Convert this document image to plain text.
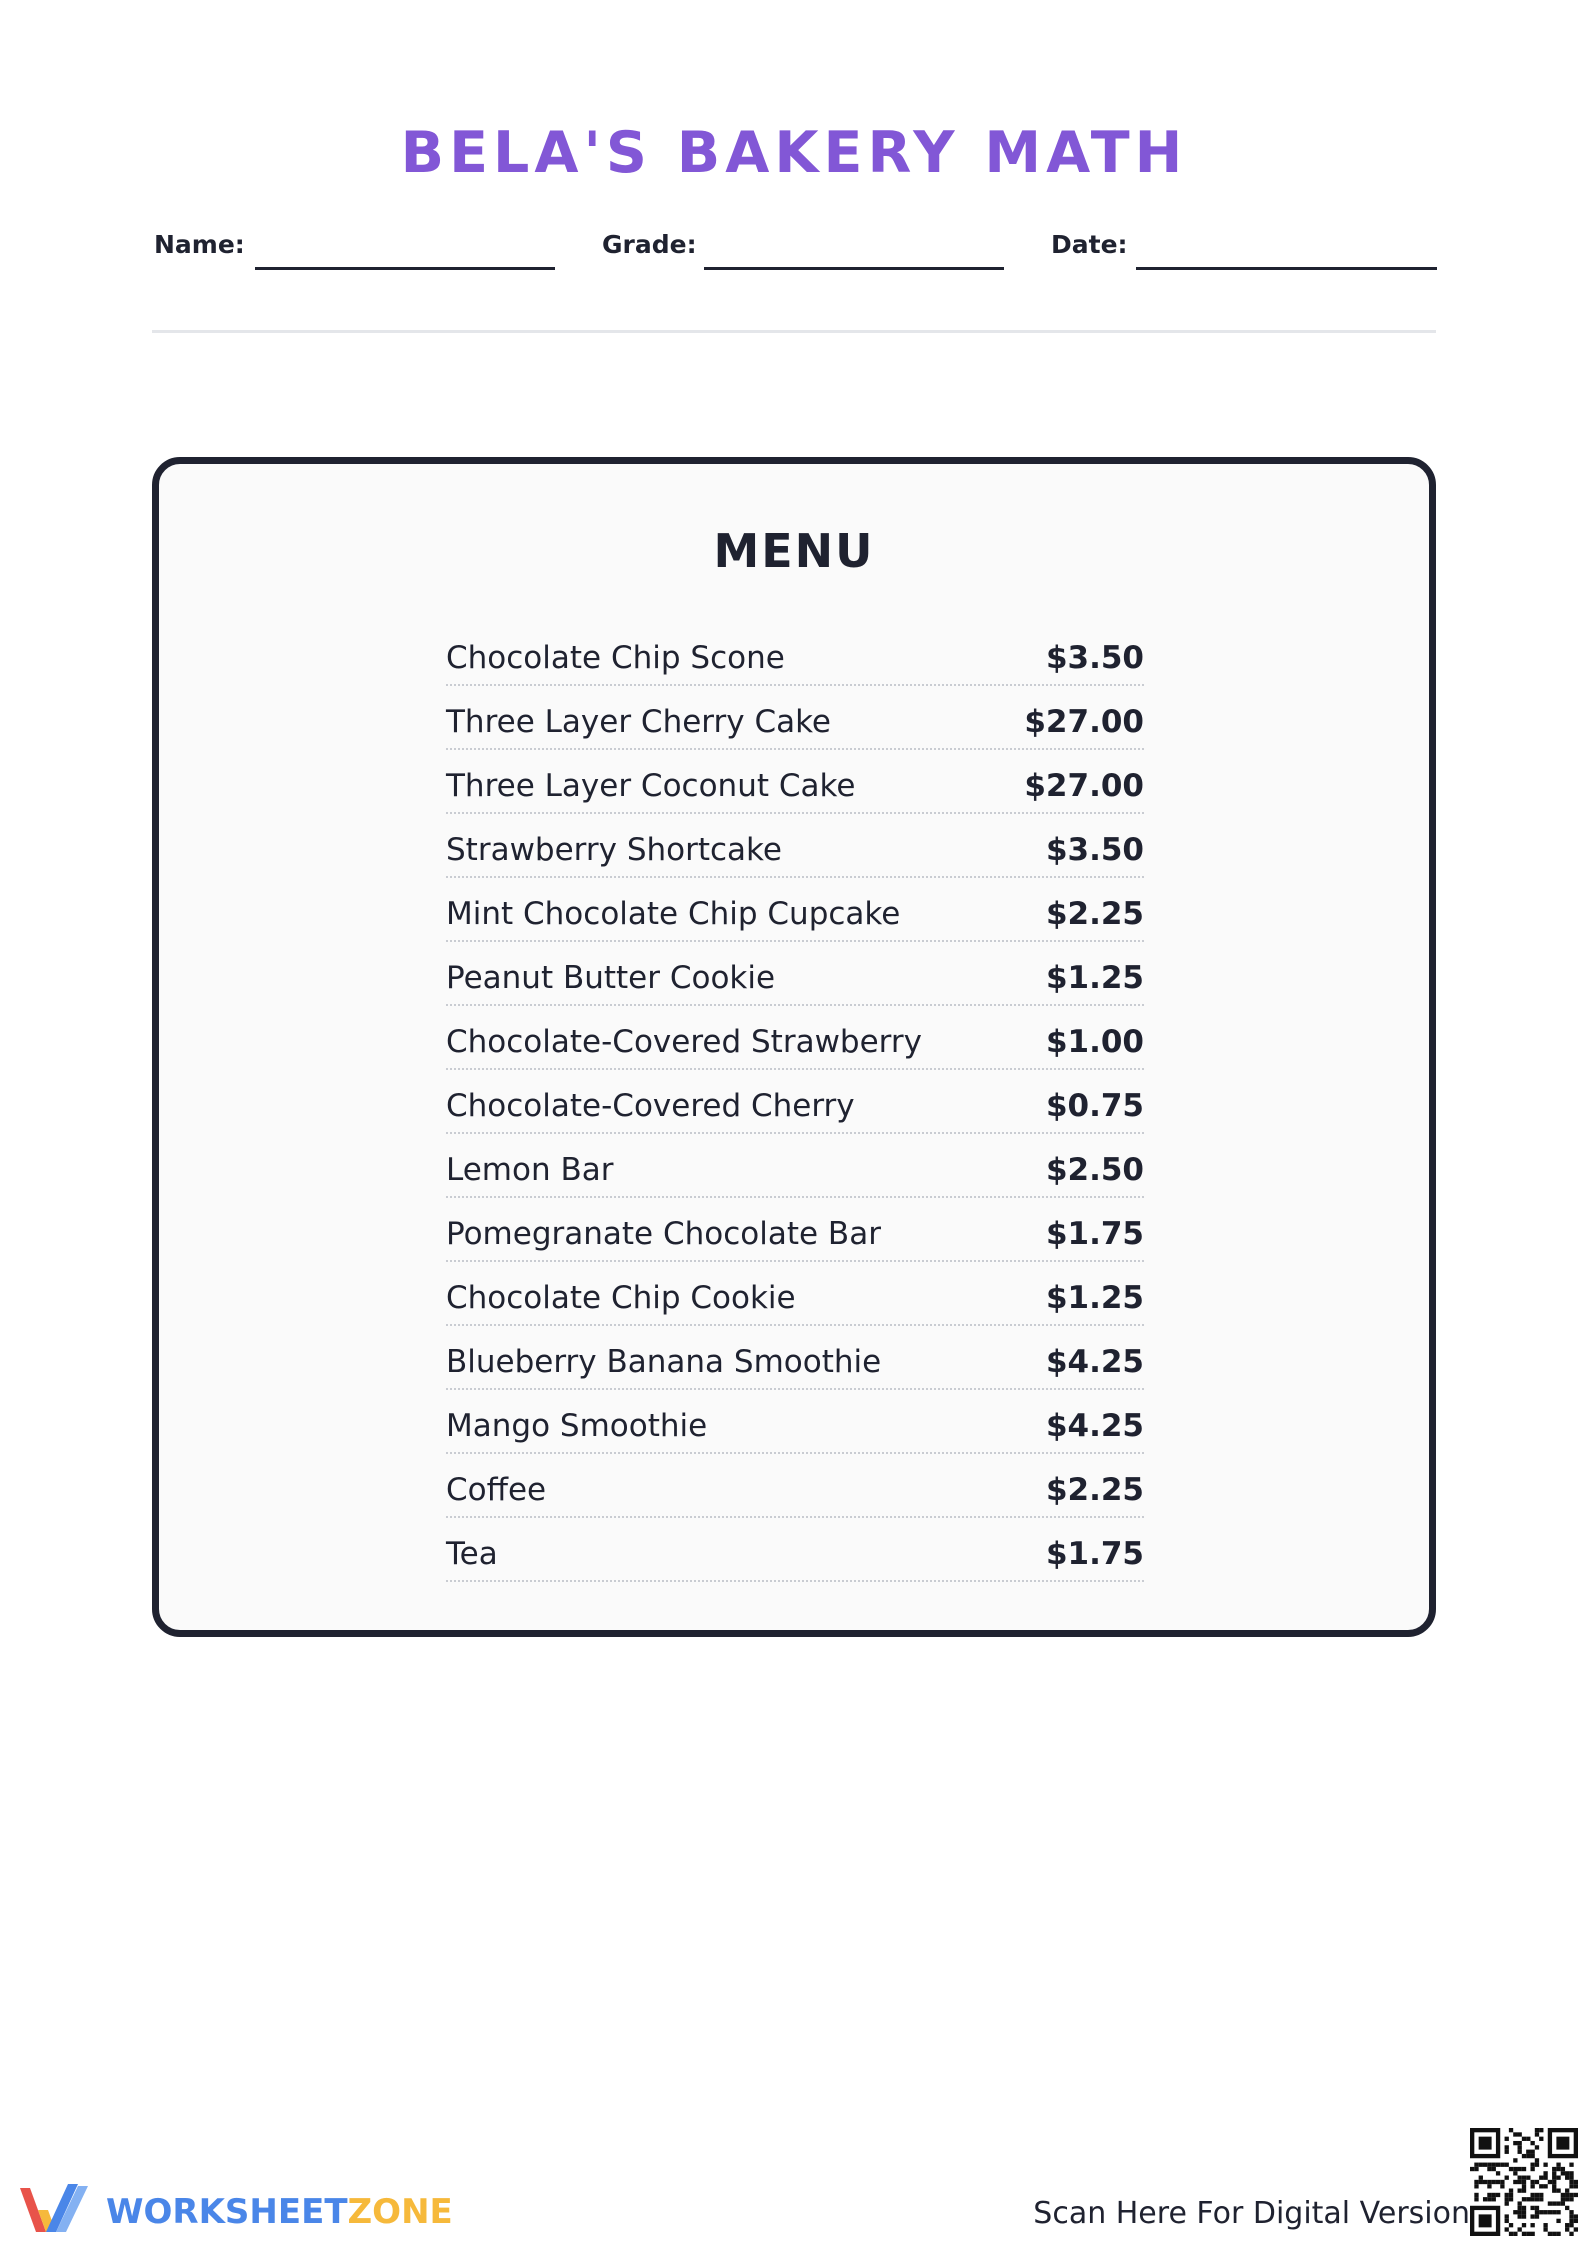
BELA'S BAKERY MATH
Name:	Grade:	Date:
MENU
Chocolate Chip Scone	$3.50
Three Layer Cherry Cake	$27.00
Three Layer Coconut Cake	$27.00
Strawberry Shortcake	$3.50
Mint Chocolate Chip Cupcake	$2.25
Peanut Butter Cookie	$1.25
Chocolate-Covered Strawberry	$1.00
Chocolate-Covered Cherry	$0.75
Lemon Bar	$2.50
Pomegranate Chocolate Bar	$1.75
Chocolate Chip Cookie	$1.25
Blueberry Banana Smoothie	$4.25
Mango Smoothie	$4.25
Coffee	$2.25
Tea	$1.75
WORKSHEETZONE	Scan Here For Digital Version
